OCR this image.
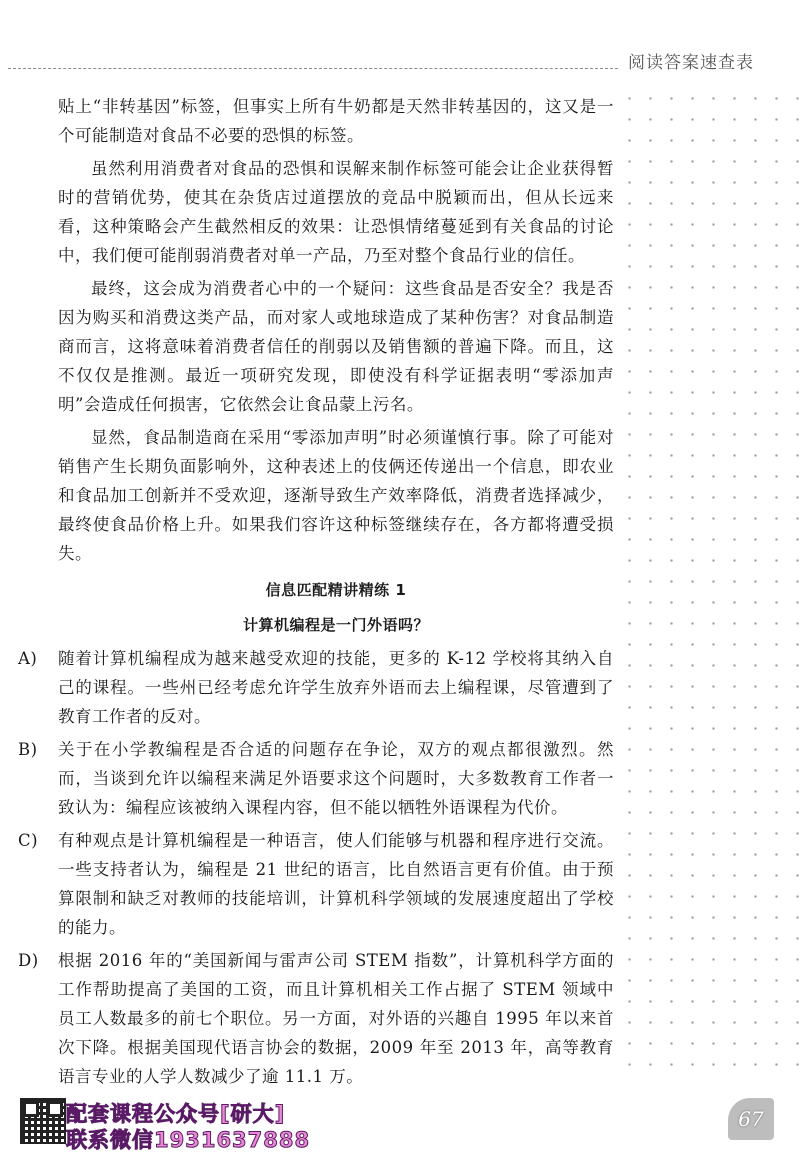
阅读答案速查表

贴上“非转基因”标签，但事实上所有牛奶都是天然非转基因的，这又是一个可能制造对食品不必要的恐惧的标签。

虽然利用消费者对食品的恐惧和误解来制作标签可能会让企业获得暂时的营销优势，使其在杂货店过道摆放的竞品中脱颖而出，但从长远来看，这种策略会产生截然相反的效果：让恐惧情绪蔓延到有关食品的讨论中，我们便可能削弱消费者对单一产品，乃至对整个食品行业的信任。

最终，这会成为消费者心中的一个疑问：这些食品是否安全？我是否因为购买和消费这类产品，而对家人或地球造成了某种伤害？对食品制造商而言，这将意味着消费者信任的削弱以及销售额的普遍下降。而且，这不仅仅是推测。最近一项研究发现，即使没有科学证据表明“零添加声明”会造成任何损害，它依然会让食品蒙上污名。

显然，食品制造商在采用“零添加声明”时必须谨慎行事。除了可能对销售产生长期负面影响外，这种表述上的伎俩还传递出一个信息，即农业和食品加工创新并不受欢迎，逐渐导致生产效率降低，消费者选择减少，最终使食品价格上升。如果我们容许这种标签继续存在，各方都将遭受损失。

信息匹配精讲精练 1
计算机编程是一门外语吗？
A)	随着计算机编程成为越来越受欢迎的技能，更多的 K-12 学校将其纳入自己的课程。一些州已经考虑允许学生放弃外语而去上编程课，尽管遭到了教育工作者的反对。
B)	关于在小学教编程是否合适的问题存在争论，双方的观点都很激烈。然而，当谈到允许以编程来满足外语要求这个问题时，大多数教育工作者一致认为：编程应该被纳入课程内容，但不能以牺牲外语课程为代价。
C)	有种观点是计算机编程是一种语言，使人们能够与机器和程序进行交流。一些支持者认为，编程是 21 世纪的语言，比自然语言更有价值。由于预算限制和缺乏对教师的技能培训，计算机科学领域的发展速度超出了学校的能力。
D)	根据 2016 年的“美国新闻与雷声公司 STEM 指数”，计算机科学方面的工作帮助提高了美国的工资，而且计算机相关工作占据了 STEM 领域中员工人数最多的前七个职位。另一方面，对外语的兴趣自 1995 年以来首次下降。根据美国现代语言协会的数据，2009 年至 2013 年，高等教育语言专业的人学人数减少了逾 11.1 万。
配套课程公众号[研大]
联系微信1931637888
67
